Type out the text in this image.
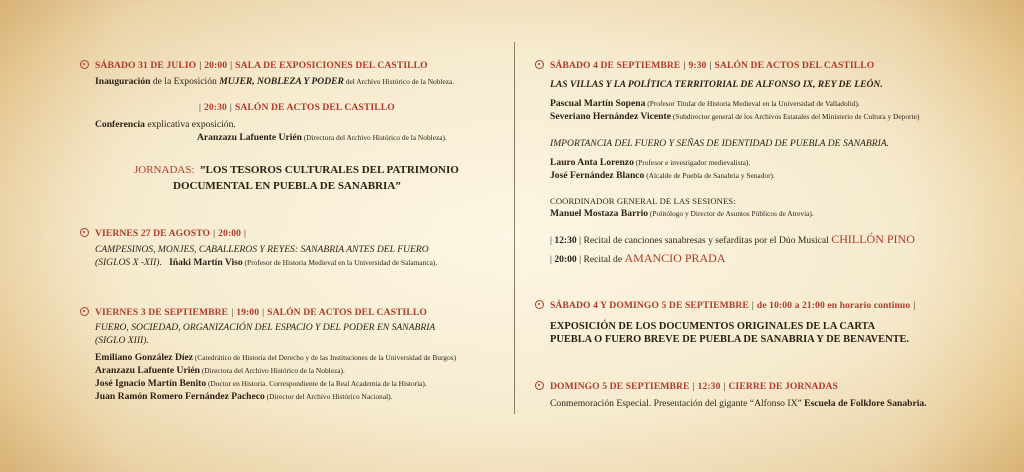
SÁBADO 31 DE JULIO | 20:00 | SALA DE EXPOSICIONES DEL CASTILLO
Inauguración de la Exposición MUJER, NOBLEZA Y PODER del Archivo Histórico de la Nobleza.
| 20:30 | SALÓN DE ACTOS DEL CASTILLO
Conferencia explicativa exposición.
Aranzazu Lafuente Urién (Directora del Archivo Histórico de la Nobleza).
JORNADAS: ”LOS TESOROS CULTURALES DEL PATRIMONIO
DOCUMENTAL EN PUEBLA DE SANABRIA”
VIERNES 27 DE AGOSTO | 20:00 |
CAMPESINOS, MONJES, CABALLEROS Y REYES: SANABRIA ANTES DEL FUERO
(SIGLOS X -XII). Iñaki Martín Viso (Profesor de Historia Medieval en la Universidad de Salamanca).
VIERNES 3 DE SEPTIEMBRE | 19:00 | SALÓN DE ACTOS DEL CASTILLO
FUERO, SOCIEDAD, ORGANIZACIÓN DEL ESPACIO Y DEL PODER EN SANABRIA
(SIGLO XIII).
Emiliano González Díez (Catedrático de Historia del Derecho y de las Instituciones de la Universidad de Burgos)
Aranzazu Lafuente Urién (Directora del Archivo Histórico de la Nobleza).
José Ignacio Martín Benito (Doctor en Historia. Correspondiente de la Real Academia de la Historia).
Juan Ramón Romero Fernández Pacheco (Director del Archivo Histórico Nacional).
SÁBADO 4 DE SEPTIEMBRE | 9:30 | SALÓN DE ACTOS DEL CASTILLO
LAS VILLAS Y LA POLÍTICA TERRITORIAL DE ALFONSO IX, REY DE LEÓN.
Pascual Martín Sopena (Profesor Titular de Historia Medieval en la Universidad de Valladolid).
Severiano Hernández Vicente (Subdirector general de los Archivos Estatales del Ministerio de Cultura y Deporte)
IMPORTANCIA DEL FUERO Y SEÑAS DE IDENTIDAD DE PUEBLA DE SANABRIA.
Lauro Anta Lorenzo (Profesor e investigador medievalista).
José Fernández Blanco (Alcalde de Puebla de Sanabria y Senador).
COORDINADOR GENERAL DE LAS SESIONES:
Manuel Mostaza Barrio (Politólogo y Director de Asuntos Públicos de Atrevia).
| 12:30 | Recital de canciones sanabresas y sefarditas por el Dúo Musical CHILLÓN PINO
| 20:00 | Recital de AMANCIO PRADA
SÁBADO 4 Y DOMINGO 5 DE SEPTIEMBRE | de 10:00 a 21:00 en horario continuo |
EXPOSICIÓN DE LOS DOCUMENTOS ORIGINALES DE LA CARTA
PUEBLA O FUERO BREVE DE PUEBLA DE SANABRIA Y DE BENAVENTE.
DOMINGO 5 DE SEPTIEMBRE | 12:30 | CIERRE DE JORNADAS
Conmemoración Especial. Presentación del gigante “Alfonso IX” Escuela de Folklore Sanabria.
